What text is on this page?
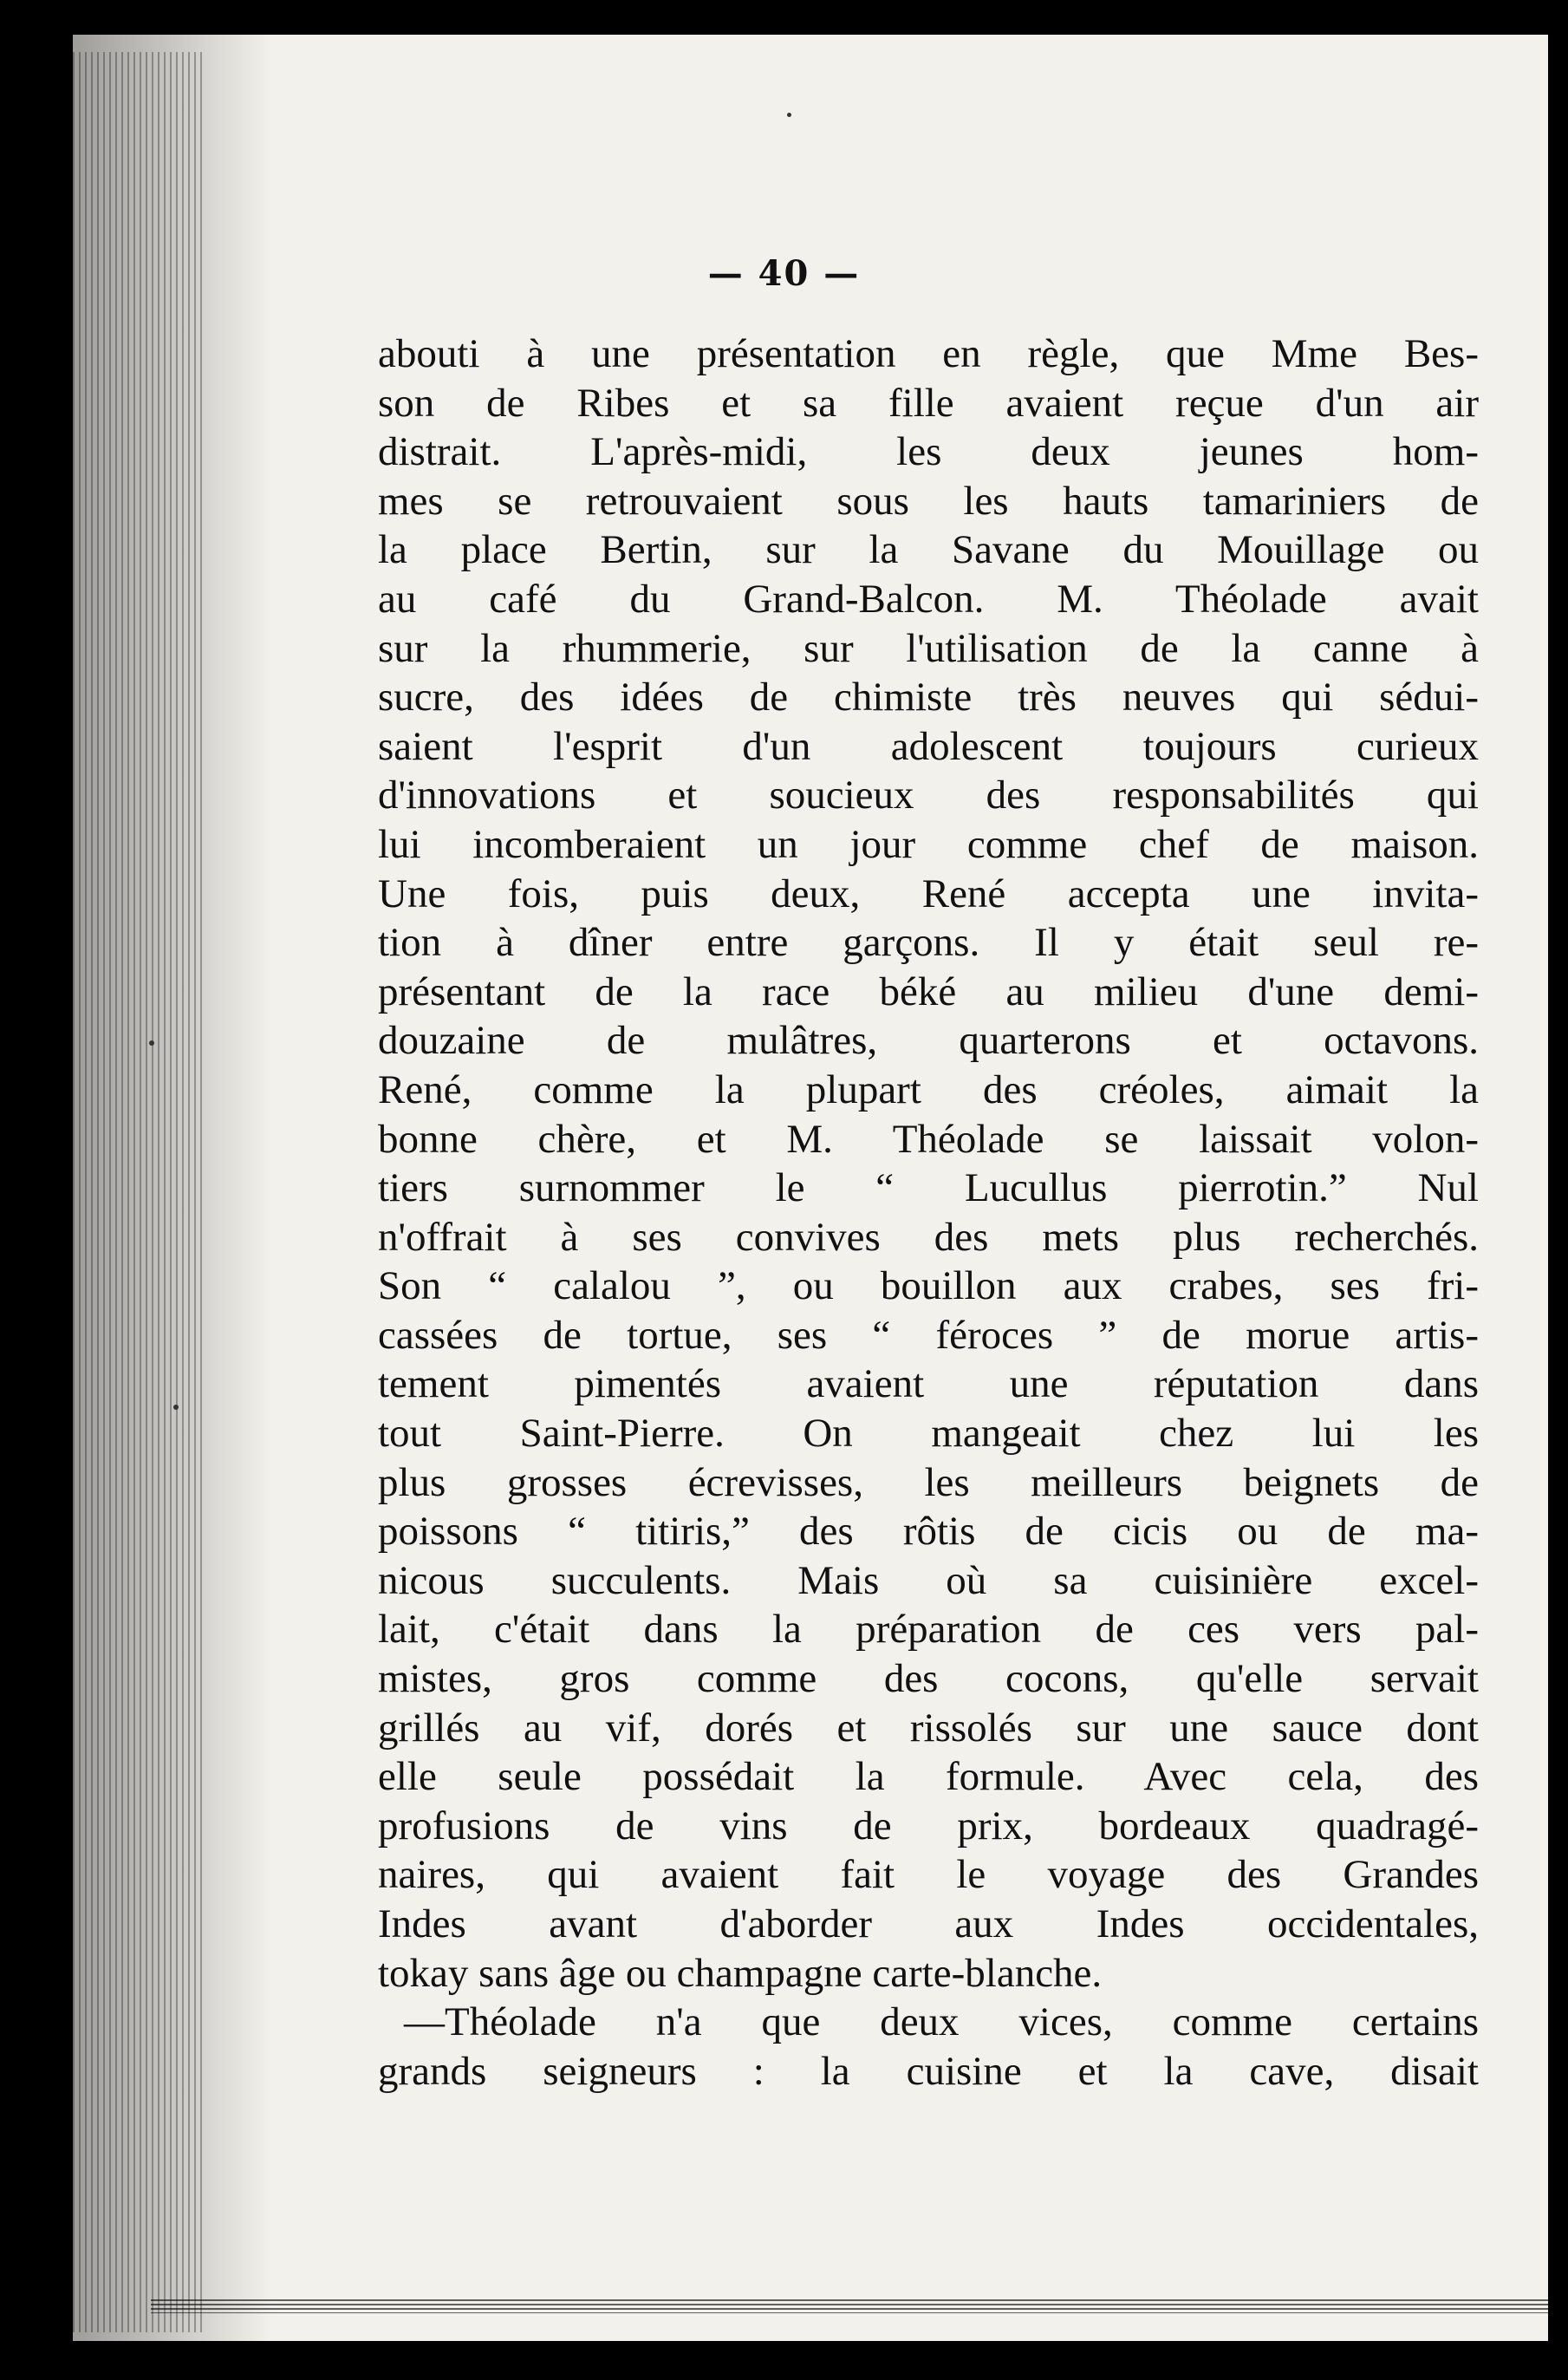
— 40 —
abouti à une présentation en règle, que Mme Bes-
son de Ribes et sa fille avaient reçue d'un air
distrait. L'après-midi, les deux jeunes hom-
mes se retrouvaient sous les hauts tamariniers de
la place Bertin, sur la Savane du Mouillage ou
au café du Grand-Balcon. M. Théolade avait
sur la rhummerie, sur l'utilisation de la canne à
sucre, des idées de chimiste très neuves qui sédui-
saient l'esprit d'un adolescent toujours curieux
d'innovations et soucieux des responsabilités qui
lui incomberaient un jour comme chef de maison.
Une fois, puis deux, René accepta une invita-
tion à dîner entre garçons. Il y était seul re-
présentant de la race béké au milieu d'une demi-
douzaine de mulâtres, quarterons et octavons.
René, comme la plupart des créoles, aimait la
bonne chère, et M. Théolade se laissait volon-
tiers surnommer le “ Lucullus pierrotin.” Nul
n'offrait à ses convives des mets plus recherchés.
Son “ calalou ”, ou bouillon aux crabes, ses fri-
cassées de tortue, ses “ féroces ” de morue artis-
tement pimentés avaient une réputation dans
tout Saint-Pierre. On mangeait chez lui les
plus grosses écrevisses, les meilleurs beignets de
poissons “ titiris,” des rôtis de cicis ou de ma-
nicous succulents. Mais où sa cuisinière excel-
lait, c'était dans la préparation de ces vers pal-
mistes, gros comme des cocons, qu'elle servait
grillés au vif, dorés et rissolés sur une sauce dont
elle seule possédait la formule. Avec cela, des
profusions de vins de prix, bordeaux quadragé-
naires, qui avaient fait le voyage des Grandes
Indes avant d'aborder aux Indes occidentales,
tokay sans âge ou champagne carte-blanche.
—Théolade n'a que deux vices, comme certains
grands seigneurs : la cuisine et la cave, disait
